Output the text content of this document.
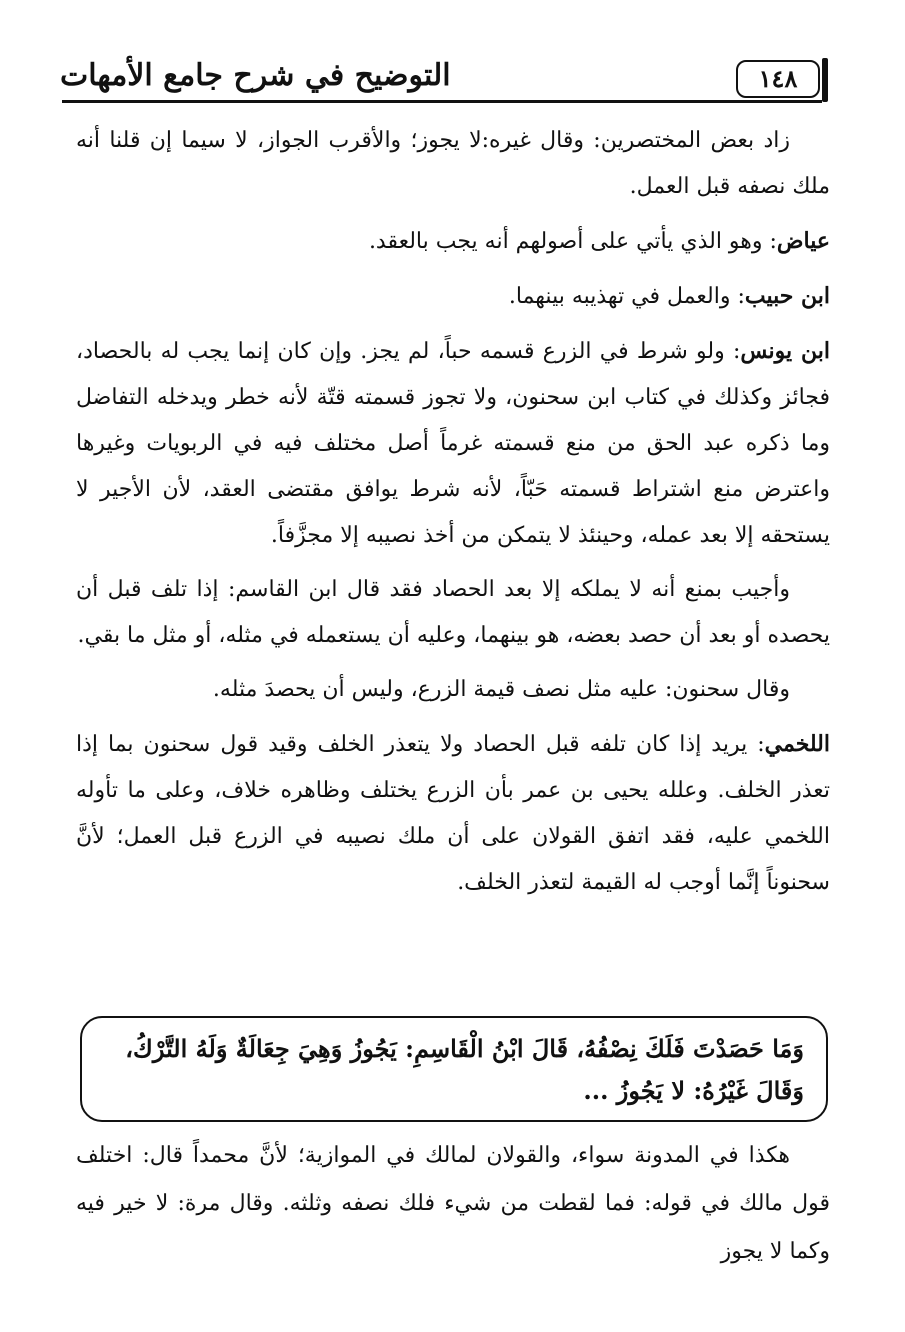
١٤٨
التوضيح في شرح جامع الأمهات

زاد بعض المختصرين: وقال غيره:لا يجوز؛ والأقرب الجواز، لا سيما إن قلنا أنه ملك نصفه قبل العمل.

عياض: وهو الذي يأتي على أصولهم أنه يجب بالعقد.

ابن حبيب: والعمل في تهذيبه بينهما.

ابن يونس: ولو شرط في الزرع قسمه حباً، لم يجز. وإن كان إنما يجب له بالحصاد، فجائز وكذلك في كتاب ابن سحنون، ولا تجوز قسمته قتّة لأنه خطر ويدخله التفاضل وما ذكره عبد الحق من منع قسمته غرماً أصل مختلف فيه في الربويات وغيرها واعترض منع اشتراط قسمته حَبّاً، لأنه شرط يوافق مقتضى العقد، لأن الأجير لا يستحقه إلا بعد عمله، وحينئذ لا يتمكن من أخذ نصيبه إلا مجزَّفاً.

وأجيب بمنع أنه لا يملكه إلا بعد الحصاد فقد قال ابن القاسم: إذا تلف قبل أن يحصده أو بعد أن حصد بعضه، هو بينهما، وعليه أن يستعمله في مثله، أو مثل ما بقي.

وقال سحنون: عليه مثل نصف قيمة الزرع، وليس أن يحصدَ مثله.

اللخمي: يريد إذا كان تلفه قبل الحصاد ولا يتعذر الخلف وقيد قول سحنون بما إذا تعذر الخلف. وعلله يحيى بن عمر بأن الزرع يختلف وظاهره خلاف، وعلى ما تأوله اللخمي عليه، فقد اتفق القولان على أن ملك نصيبه في الزرع قبل العمل؛ لأنَّ سحنوناً إنَّما أوجب له القيمة لتعذر الخلف.

وَمَا حَصَدْتَ فَلَكَ نِصْفُهُ، قَالَ ابْنُ الْقَاسِمِ: يَجُوزُ وَهِيَ جِعَالَةٌ وَلَهُ التَّرْكُ، وَقَالَ غَيْرُهُ: لا يَجُوزُ ...

هكذا في المدونة سواء، والقولان لمالك في الموازية؛ لأنَّ محمداً قال: اختلف قول مالك في قوله: فما لقطت من شيء فلك نصفه وثلثه. وقال مرة: لا خير فيه وكما لا يجوز
